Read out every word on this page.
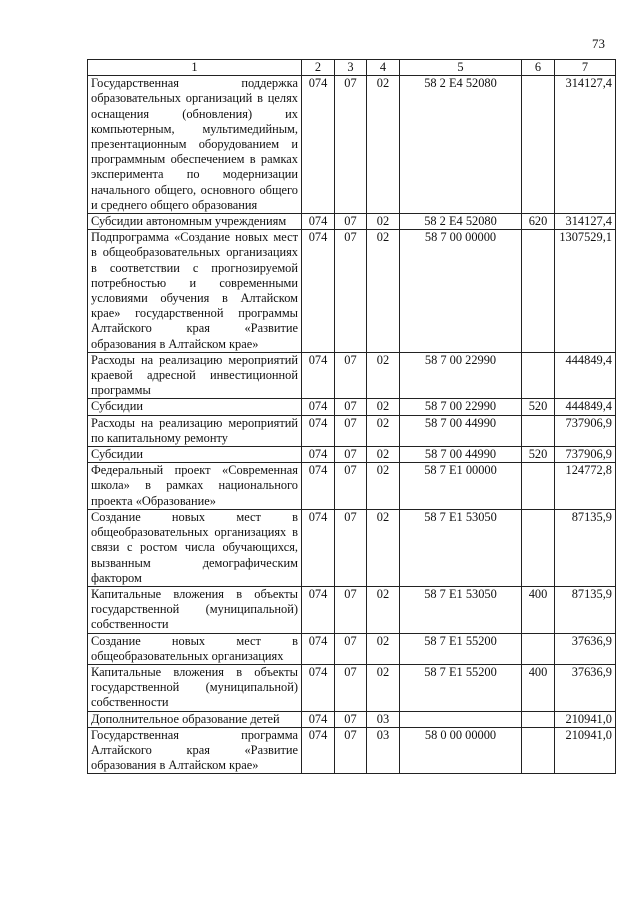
73
1	2	3	4	5	6	7
Государственная поддержка образовательных организаций в целях оснащения (обновления) их компьютерным, мультимедийным, презентационным оборудованием и программным обеспечением в рамках эксперимента по модернизации начального общего, основного общего и среднего общего образования	074	07	02	58 2 Е4 52080		314127,4
Субсидии автономным учреждениям	074	07	02	58 2 Е4 52080	620	314127,4
Подпрограмма «Создание новых мест в общеобразовательных организациях в соответствии с прогнозируемой потребностью и современными условиями обучения в Алтайском крае» государственной программы Алтайского края «Развитие образования в Алтайском крае»	074	07	02	58 7 00 00000		1307529,1
Расходы на реализацию мероприятий краевой адресной инвестиционной программы	074	07	02	58 7 00 22990		444849,4
Субсидии	074	07	02	58 7 00 22990	520	444849,4
Расходы на реализацию мероприятий по капитальному ремонту	074	07	02	58 7 00 44990		737906,9
Субсидии	074	07	02	58 7 00 44990	520	737906,9
Федеральный проект «Современная школа» в рамках национального проекта «Образование»	074	07	02	58 7 Е1 00000		124772,8
Создание новых мест в общеобразовательных организациях в связи с ростом числа обучающихся, вызванным демографическим фактором	074	07	02	58 7 Е1 53050		87135,9
Капитальные вложения в объекты государственной (муниципальной) собственности	074	07	02	58 7 Е1 53050	400	87135,9
Создание новых мест в общеобразовательных организациях	074	07	02	58 7 Е1 55200		37636,9
Капитальные вложения в объекты государственной (муниципальной) собственности	074	07	02	58 7 Е1 55200	400	37636,9
Дополнительное образование детей	074	07	03			210941,0
Государственная программа Алтайского края «Развитие образования в Алтайском крае»	074	07	03	58 0 00 00000		210941,0
